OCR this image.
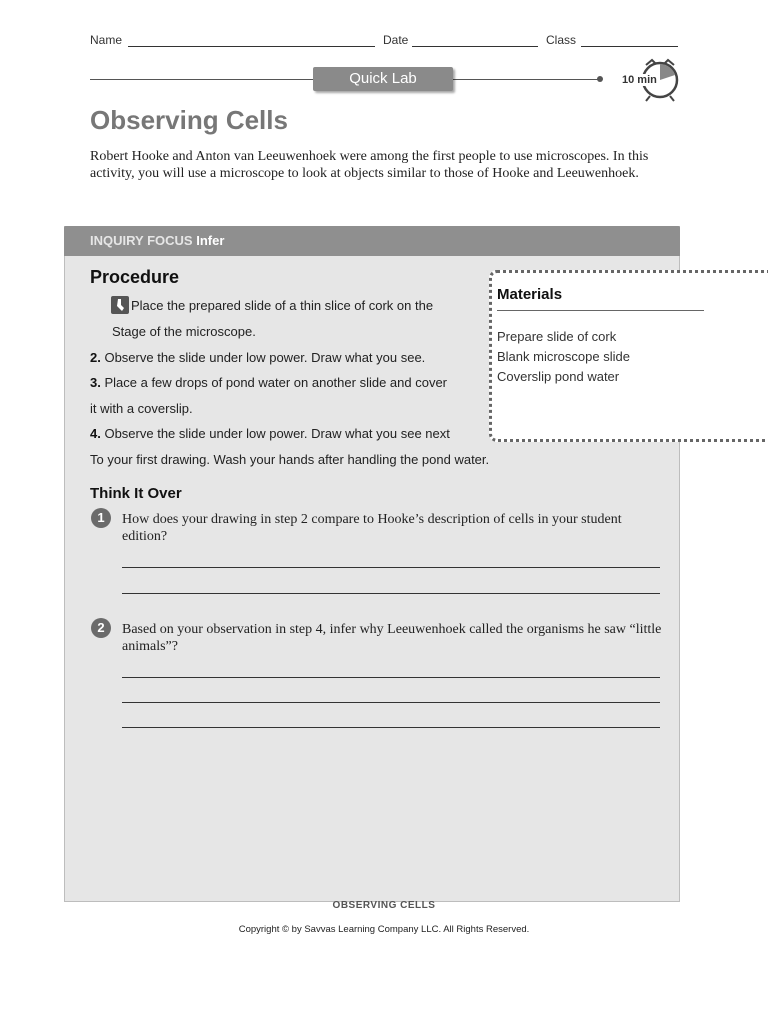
Name	Date	Class
Quick Lab	10 min
Observing Cells
Robert Hooke and Anton van Leeuwenhoek were among the first people to use microscopes. In this activity, you will use a microscope to look at objects similar to those of Hooke and Leeuwenhoek.
INQUIRY FOCUS Infer
Procedure
Place the prepared slide of a thin slice of cork on the
Stage of the microscope.
2. Observe the slide under low power. Draw what you see.
3. Place a few drops of pond water on another slide and cover
it with a coverslip.
4. Observe the slide under low power. Draw what you see next
To your first drawing. Wash your hands after handling the pond water.
Materials
Prepare slide of cork
Blank microscope slide
Coverslip pond water
Think It Over
1	How does your drawing in step 2 compare to Hooke’s description of cells in your student edition?
2	Based on your observation in step 4, infer why Leeuwenhoek called the organisms he saw “little animals”?
OBSERVING CELLS
Copyright © by Savvas Learning Company LLC. All Rights Reserved.
